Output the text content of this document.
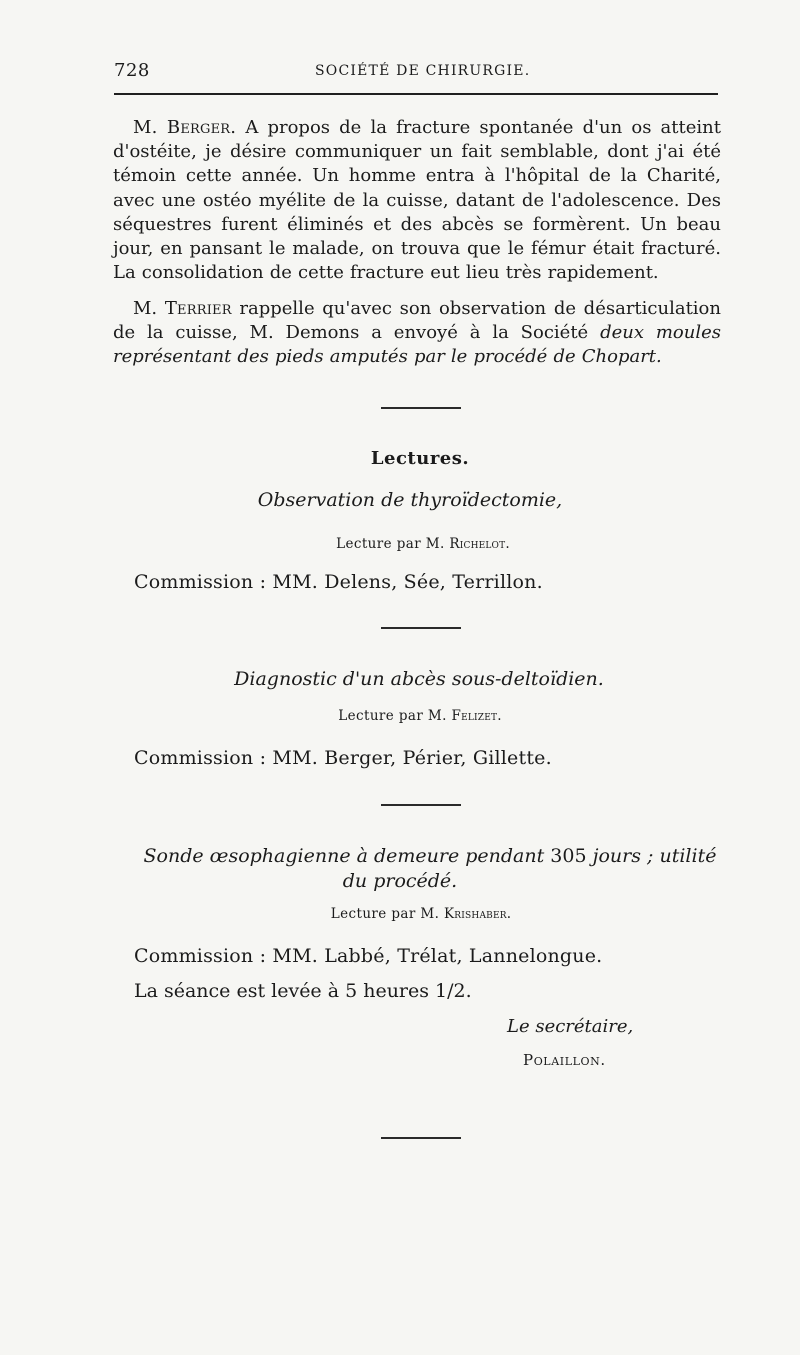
728	SOCIÉTÉ DE CHIRURGIE.

M. Berger. A propos de la fracture spontanée d'un os atteint d'ostéite, je désire communiquer un fait semblable, dont j'ai été témoin cette année. Un homme entra à l'hôpital de la Charité, avec une ostéo myélite de la cuisse, datant de l'adolescence. Des séquestres furent éliminés et des abcès se formèrent. Un beau jour, en pansant le malade, on trouva que le fémur était fracturé. La consolidation de cette fracture eut lieu très rapidement.

M. Terrier rappelle qu'avec son observation de désarticulation de la cuisse, M. Demons a envoyé à la Société deux moules représentant des pieds amputés par le procédé de Chopart.

Lectures.
Observation de thyroïdectomie,
Lecture par M. Richelot.
Commission : MM. Delens, Sée, Terrillon.
Diagnostic d'un abcès sous-deltoïdien.
Lecture par M. Felizet.
Commission : MM. Berger, Périer, Gillette.
Sonde œsophagienne à demeure pendant 305 jours ; utilité
du procédé.
Lecture par M. Krishaber.
Commission : MM. Labbé, Trélat, Lannelongue.
La séance est levée à 5 heures 1/2.
Le secrétaire,
Polaillon.
